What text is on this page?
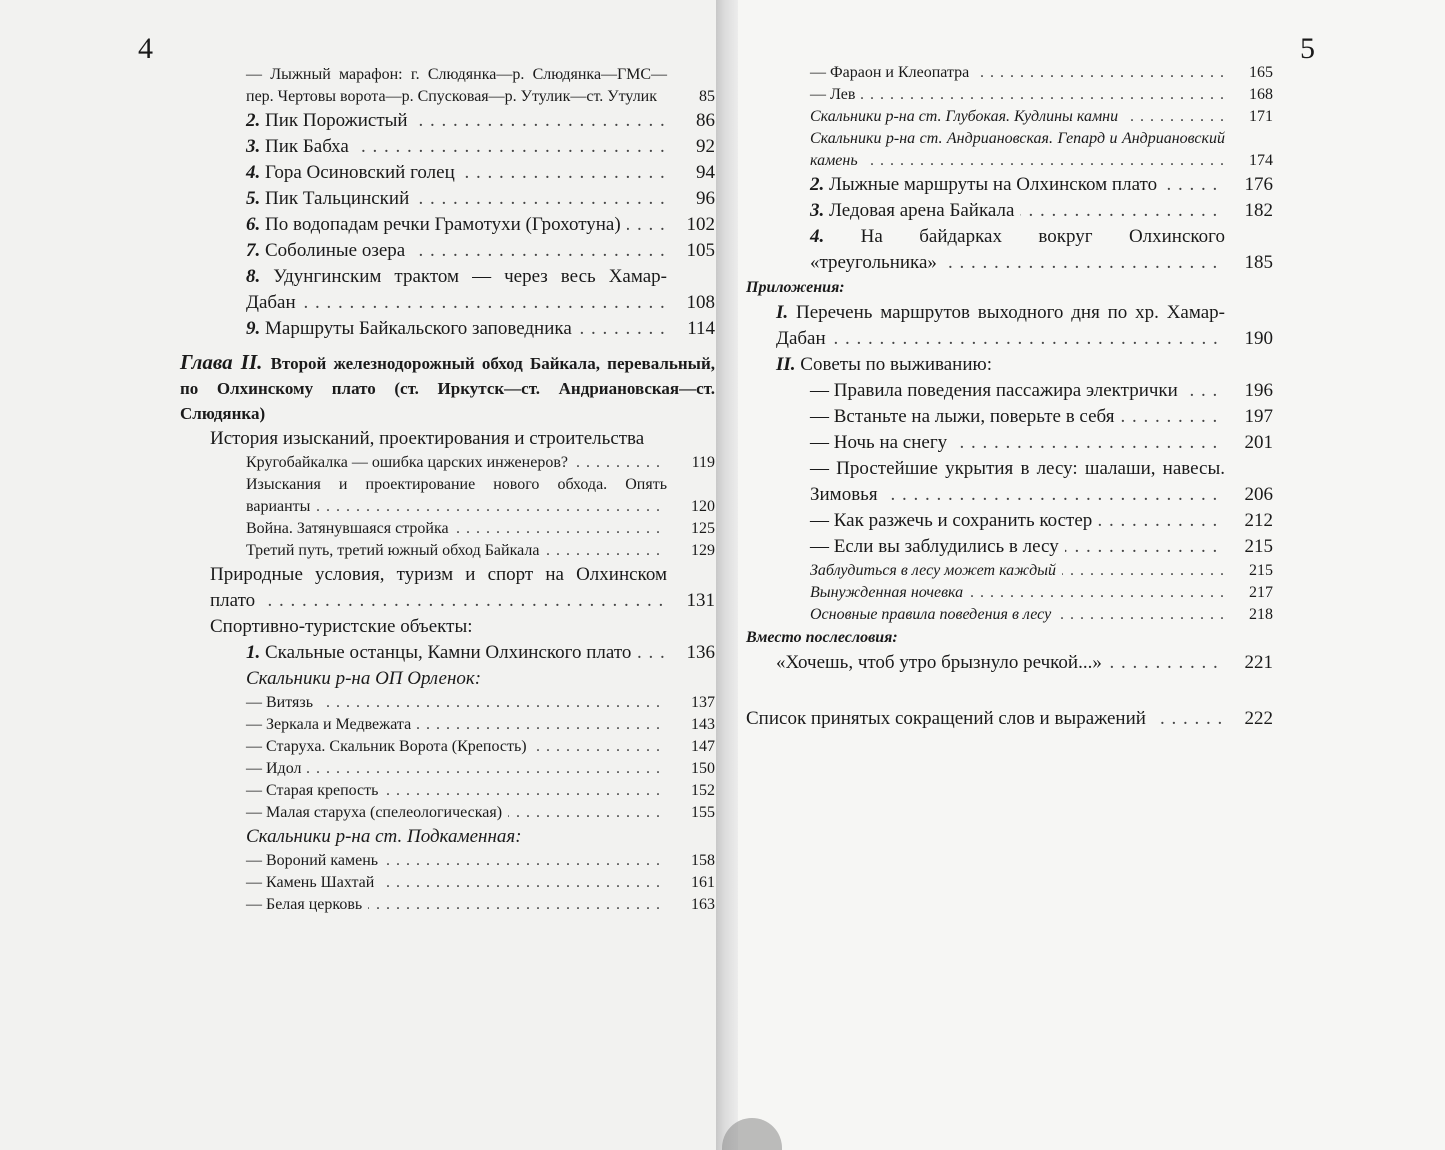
4	5
— Лыжный марафон: г. Слюдянка—р. Слюдянка—ГМС—пер. Чертовы ворота—р. Спусковая—р. Утулик—ст. Утулик . . .	85
2. Пик Порожистый . . .	86
3. Пик Бабха . . .	92
4. Гора Осиновский голец . . .	94
5. Пик Тальцинский . . .	96
6. По водопадам речки Грамотухи (Грохотуна) . . .	102
7. Соболиные озера . . .	105
8. Удунгинским трактом — через весь Хамар-Дабан . . .	108
9. Маршруты Байкальского заповедника . . .	114
Глава II. Второй железнодорожный обход Байкала, перевальный, по Олхинскому плато (ст. Иркутск—ст. Андриановская—ст. Слюдянка)
История изысканий, проектирования и строительства
Кругобайкалка — ошибка царских инженеров? . . .	119
Изыскания и проектирование нового обхода. Опять варианты . . .	120
Война. Затянувшаяся стройка . . .	125
Третий путь, третий южный обход Байкала . . .	129
Природные условия, туризм и спорт на Олхинском плато . . .	131
Спортивно-туристские объекты:
1. Скальные останцы, Камни Олхинского плато . . .	136
Скальники р-на ОП Орленок:
— Витязь . . .	137
— Зеркала и Медвежата . . .	143
— Старуха. Скальник Ворота (Крепость) . . .	147
— Идол . . .	150
— Старая крепость . . .	152
— Малая старуха (спелеологическая) . . .	155
Скальники р-на ст. Подкаменная:
— Вороний камень . . .	158
— Камень Шахтай . . .	161
— Белая церковь . . .	163
— Фараон и Клеопатра . . .	165
— Лев . . .	168
Скальники р-на ст. Глубокая. Кудлины камни . . .	171
Скальники р-на ст. Андриановская. Гепард и Андриановский камень . . .	174
2. Лыжные маршруты на Олхинском плато . . .	176
3. Ледовая арена Байкала . . .	182
4. На байдарках вокруг Олхинского «треугольника» . . .	185
Приложения:
I. Перечень маршрутов выходного дня по хр. Хамар-Дабан . . .	190
II. Советы по выживанию:
— Правила поведения пассажира электрички . . .	196
— Встаньте на лыжи, поверьте в себя . . .	197
— Ночь на снегу . . .	201
— Простейшие укрытия в лесу: шалаши, навесы. Зимовья . . .	206
— Как разжечь и сохранить костер . . .	212
— Если вы заблудились в лесу . . .	215
Заблудиться в лесу может каждый . . .	215
Вынужденная ночевка . . .	217
Основные правила поведения в лесу . . .	218
Вместо послесловия:
«Хочешь, чтоб утро брызнуло речкой...» . . .	221
Список принятых сокращений слов и выражений . . .	222
